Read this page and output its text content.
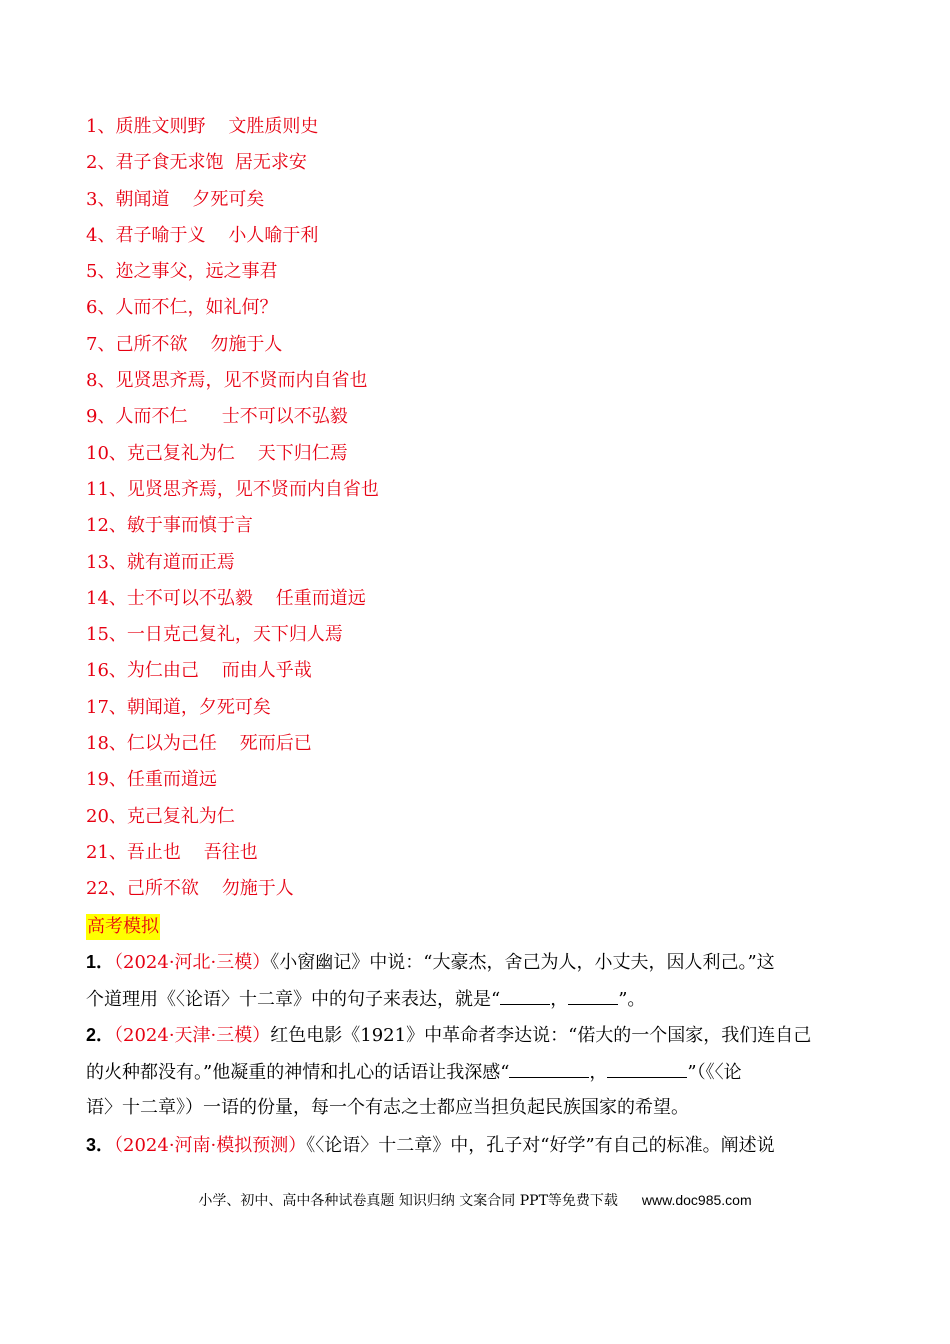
1、质胜文则野    文胜质则史
2、君子食无求饱  居无求安
3、朝闻道    夕死可矣
4、君子喻于义    小人喻于利
5、迩之事父，远之事君
6、人而不仁，如礼何？
7、己所不欲    勿施于人
8、见贤思齐焉，见不贤而内自省也
9、人而不仁      士不可以不弘毅
10、克己复礼为仁    天下归仁焉
11、见贤思齐焉，见不贤而内自省也
12、敏于事而慎于言
13、就有道而正焉
14、士不可以不弘毅    任重而道远
15、一日克己复礼，天下归人焉
16、为仁由己    而由人乎哉
17、朝闻道，夕死可矣
18、仁以为己任    死而后已
19、任重而道远
20、克己复礼为仁
21、吾止也    吾往也
22、己所不欲    勿施于人
高考模拟
1．（2024·河北·三模）《小窗幽记》中说：“大豪杰，舍己为人，小丈夫，因人利己。”这
个道理用《〈论语〉十二章》中的句子来表达，就是“	，	”。
2．（2024·天津·三模）红色电影《1921》中革命者李达说：“偌大的一个国家，我们连自己
的火种都没有。”他凝重的神情和扎心的话语让我深感“	，	”（《〈论
语〉十二章》）一语的份量，每一个有志之士都应当担负起民族国家的希望。
3．（2024·河南·模拟预测）《〈论语〉十二章》中，孔子对“好学”有自己的标准。阐述说
小学、初中、高中各种试卷真题 知识归纳 文案合同 PPT等免费下载 www.doc985.com
